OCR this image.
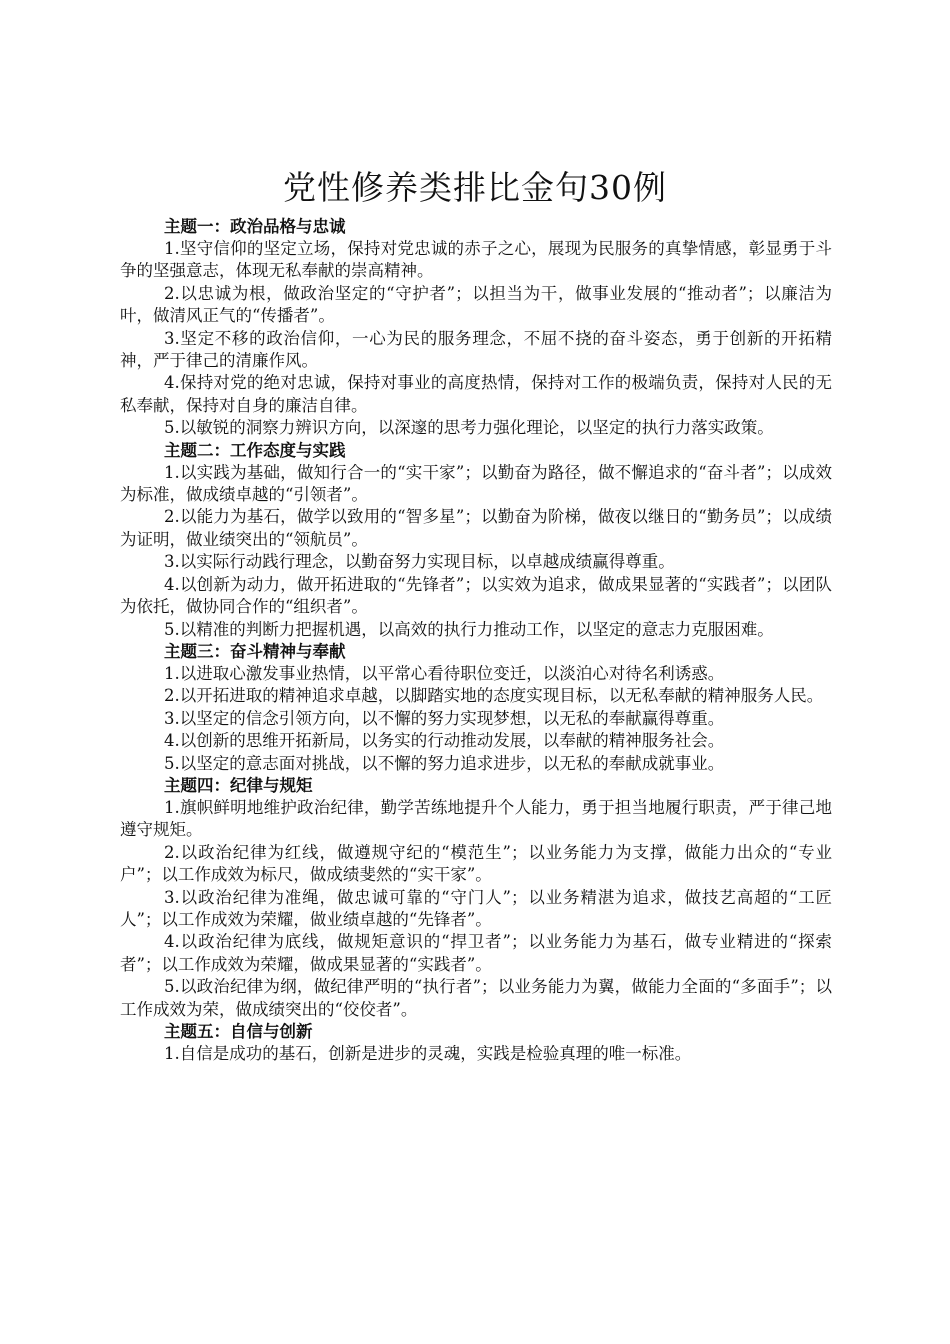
党性修养类排比金句30例
主题一：政治品格与忠诚

1.坚守信仰的坚定立场，保持对党忠诚的赤子之心，展现为民服务的真挚情感，彰显勇于斗争的坚强意志，体现无私奉献的崇高精神。

2.以忠诚为根，做政治坚定的“守护者”；以担当为干，做事业发展的“推动者”；以廉洁为叶，做清风正气的“传播者”。

3.坚定不移的政治信仰，一心为民的服务理念，不屈不挠的奋斗姿态，勇于创新的开拓精神，严于律己的清廉作风。

4.保持对党的绝对忠诚，保持对事业的高度热情，保持对工作的极端负责，保持对人民的无私奉献，保持对自身的廉洁自律。

5.以敏锐的洞察力辨识方向，以深邃的思考力强化理论，以坚定的执行力落实政策。

主题二：工作态度与实践

1.以实践为基础，做知行合一的“实干家”；以勤奋为路径，做不懈追求的“奋斗者”；以成效为标准，做成绩卓越的“引领者”。

2.以能力为基石，做学以致用的“智多星”；以勤奋为阶梯，做夜以继日的“勤务员”；以成绩为证明，做业绩突出的“领航员”。

3.以实际行动践行理念，以勤奋努力实现目标，以卓越成绩赢得尊重。

4.以创新为动力，做开拓进取的“先锋者”；以实效为追求，做成果显著的“实践者”；以团队为依托，做协同合作的“组织者”。

5.以精准的判断力把握机遇，以高效的执行力推动工作，以坚定的意志力克服困难。

主题三：奋斗精神与奉献

1.以进取心激发事业热情，以平常心看待职位变迁，以淡泊心对待名利诱惑。

2.以开拓进取的精神追求卓越，以脚踏实地的态度实现目标，以无私奉献的精神服务人民。

3.以坚定的信念引领方向，以不懈的努力实现梦想，以无私的奉献赢得尊重。

4.以创新的思维开拓新局，以务实的行动推动发展，以奉献的精神服务社会。

5.以坚定的意志面对挑战，以不懈的努力追求进步，以无私的奉献成就事业。

主题四：纪律与规矩

1.旗帜鲜明地维护政治纪律，勤学苦练地提升个人能力，勇于担当地履行职责，严于律己地遵守规矩。

2.以政治纪律为红线，做遵规守纪的“模范生”；以业务能力为支撑，做能力出众的“专业户”；以工作成效为标尺，做成绩斐然的“实干家”。

3.以政治纪律为准绳，做忠诚可靠的“守门人”；以业务精湛为追求，做技艺高超的“工匠人”；以工作成效为荣耀，做业绩卓越的“先锋者”。

4.以政治纪律为底线，做规矩意识的“捍卫者”；以业务能力为基石，做专业精进的“探索者”；以工作成效为荣耀，做成果显著的“实践者”。

5.以政治纪律为纲，做纪律严明的“执行者”；以业务能力为翼，做能力全面的“多面手”；以工作成效为荣，做成绩突出的“佼佼者”。

主题五：自信与创新

1.自信是成功的基石，创新是进步的灵魂，实践是检验真理的唯一标准。
